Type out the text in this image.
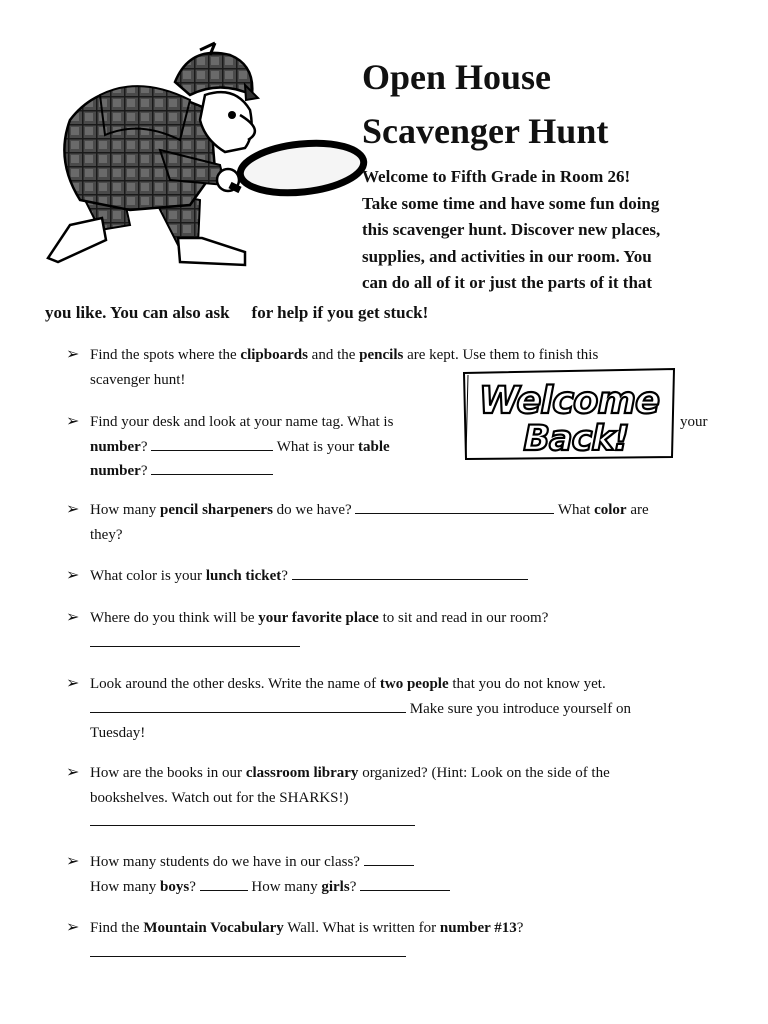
Open House
Scavenger Hunt
Welcome to Fifth Grade in Room 26!
Take some time and have some fun doing
this scavenger hunt. Discover new places,
supplies, and activities in our room. You
can do all of it or just the parts of it that
you like. You can also ask for help if you get stuck!
Welcome
Back!	your
➢ Find the spots where the clipboards and the pencils are kept. Use them to finish this
scavenger hunt!
➢ Find your desk and look at your name tag. What is
number?	What is your table
number?
➢ How many pencil sharpeners do we have?	What color are
they?
➢ What color is your lunch ticket?
➢ Where do you think will be your favorite place to sit and read in our room?
➢ Look around the other desks. Write the name of two people that you do not know yet.
Make sure you introduce yourself on
Tuesday!
➢ How are the books in our classroom library organized? (Hint: Look on the side of the
bookshelves. Watch out for the SHARKS!)
➢ How many students do we have in our class?
How many boys?	How many girls?
➢ Find the Mountain Vocabulary Wall. What is written for number #13?
